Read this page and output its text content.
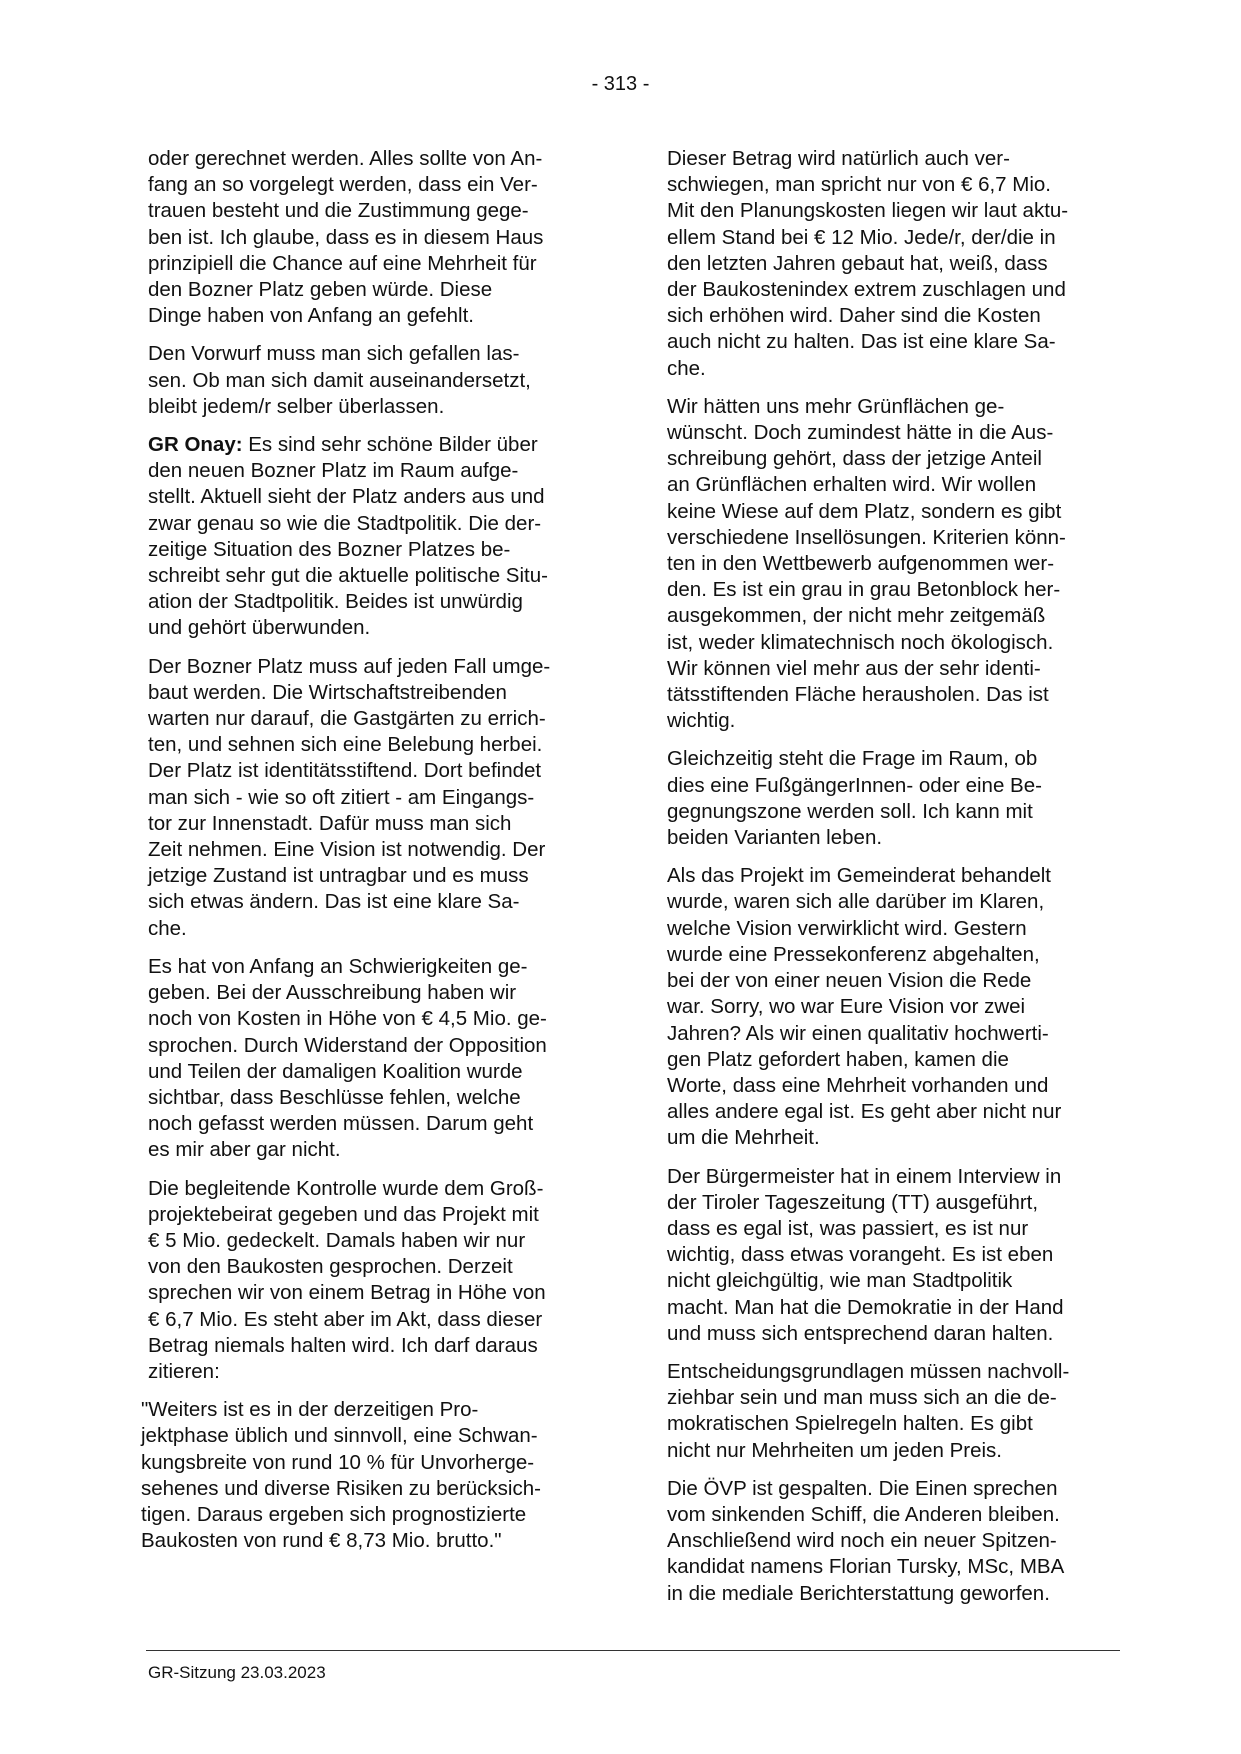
- 313 -

oder gerechnet werden. Alles sollte von An-
fang an so vorgelegt werden, dass ein Ver-
trauen besteht und die Zustimmung gege-
ben ist. Ich glaube, dass es in diesem Haus
prinzipiell die Chance auf eine Mehrheit für
den Bozner Platz geben würde. Diese
Dinge haben von Anfang an gefehlt.

Den Vorwurf muss man sich gefallen las-
sen. Ob man sich damit auseinandersetzt,
bleibt jedem/r selber überlassen.

GR Onay: Es sind sehr schöne Bilder über
den neuen Bozner Platz im Raum aufge-
stellt. Aktuell sieht der Platz anders aus und
zwar genau so wie die Stadtpolitik. Die der-
zeitige Situation des Bozner Platzes be-
schreibt sehr gut die aktuelle politische Situ-
ation der Stadtpolitik. Beides ist unwürdig
und gehört überwunden.

Der Bozner Platz muss auf jeden Fall umge-
baut werden. Die Wirtschaftstreibenden
warten nur darauf, die Gastgärten zu errich-
ten, und sehnen sich eine Belebung herbei.
Der Platz ist identitätsstiftend. Dort befindet
man sich - wie so oft zitiert - am Eingangs-
tor zur Innenstadt. Dafür muss man sich
Zeit nehmen. Eine Vision ist notwendig. Der
jetzige Zustand ist untragbar und es muss
sich etwas ändern. Das ist eine klare Sa-
che.

Es hat von Anfang an Schwierigkeiten ge-
geben. Bei der Ausschreibung haben wir
noch von Kosten in Höhe von € 4,5 Mio. ge-
sprochen. Durch Widerstand der Opposition
und Teilen der damaligen Koalition wurde
sichtbar, dass Beschlüsse fehlen, welche
noch gefasst werden müssen. Darum geht
es mir aber gar nicht.

Die begleitende Kontrolle wurde dem Groß-
projektebeirat gegeben und das Projekt mit
€ 5 Mio. gedeckelt. Damals haben wir nur
von den Baukosten gesprochen. Derzeit
sprechen wir von einem Betrag in Höhe von
€ 6,7 Mio. Es steht aber im Akt, dass dieser
Betrag niemals halten wird. Ich darf daraus
zitieren:

"Weiters ist es in der derzeitigen Pro-
jektphase üblich und sinnvoll, eine Schwan-
kungsbreite von rund 10 % für Unvorherge-
sehenes und diverse Risiken zu berücksich-
tigen. Daraus ergeben sich prognostizierte
Baukosten von rund € 8,73 Mio. brutto."

Dieser Betrag wird natürlich auch ver-
schwiegen, man spricht nur von € 6,7 Mio.
Mit den Planungskosten liegen wir laut aktu-
ellem Stand bei € 12 Mio. Jede/r, der/die in
den letzten Jahren gebaut hat, weiß, dass
der Baukostenindex extrem zuschlagen und
sich erhöhen wird. Daher sind die Kosten
auch nicht zu halten. Das ist eine klare Sa-
che.

Wir hätten uns mehr Grünflächen ge-
wünscht. Doch zumindest hätte in die Aus-
schreibung gehört, dass der jetzige Anteil
an Grünflächen erhalten wird. Wir wollen
keine Wiese auf dem Platz, sondern es gibt
verschiedene Insellösungen. Kriterien könn-
ten in den Wettbewerb aufgenommen wer-
den. Es ist ein grau in grau Betonblock her-
ausgekommen, der nicht mehr zeitgemäß
ist, weder klimatechnisch noch ökologisch.
Wir können viel mehr aus der sehr identi-
tätsstiftenden Fläche herausholen. Das ist
wichtig.

Gleichzeitig steht die Frage im Raum, ob
dies eine FußgängerInnen- oder eine Be-
gegnungszone werden soll. Ich kann mit
beiden Varianten leben.

Als das Projekt im Gemeinderat behandelt
wurde, waren sich alle darüber im Klaren,
welche Vision verwirklicht wird. Gestern
wurde eine Pressekonferenz abgehalten,
bei der von einer neuen Vision die Rede
war. Sorry, wo war Eure Vision vor zwei
Jahren? Als wir einen qualitativ hochwerti-
gen Platz gefordert haben, kamen die
Worte, dass eine Mehrheit vorhanden und
alles andere egal ist. Es geht aber nicht nur
um die Mehrheit.

Der Bürgermeister hat in einem Interview in
der Tiroler Tageszeitung (TT) ausgeführt,
dass es egal ist, was passiert, es ist nur
wichtig, dass etwas vorangeht. Es ist eben
nicht gleichgültig, wie man Stadtpolitik
macht. Man hat die Demokratie in der Hand
und muss sich entsprechend daran halten.

Entscheidungsgrundlagen müssen nachvoll-
ziehbar sein und man muss sich an die de-
mokratischen Spielregeln halten. Es gibt
nicht nur Mehrheiten um jeden Preis.

Die ÖVP ist gespalten. Die Einen sprechen
vom sinkenden Schiff, die Anderen bleiben.
Anschließend wird noch ein neuer Spitzen-
kandidat namens Florian Tursky, MSc, MBA
in die mediale Berichterstattung geworfen.

GR-Sitzung 23.03.2023
